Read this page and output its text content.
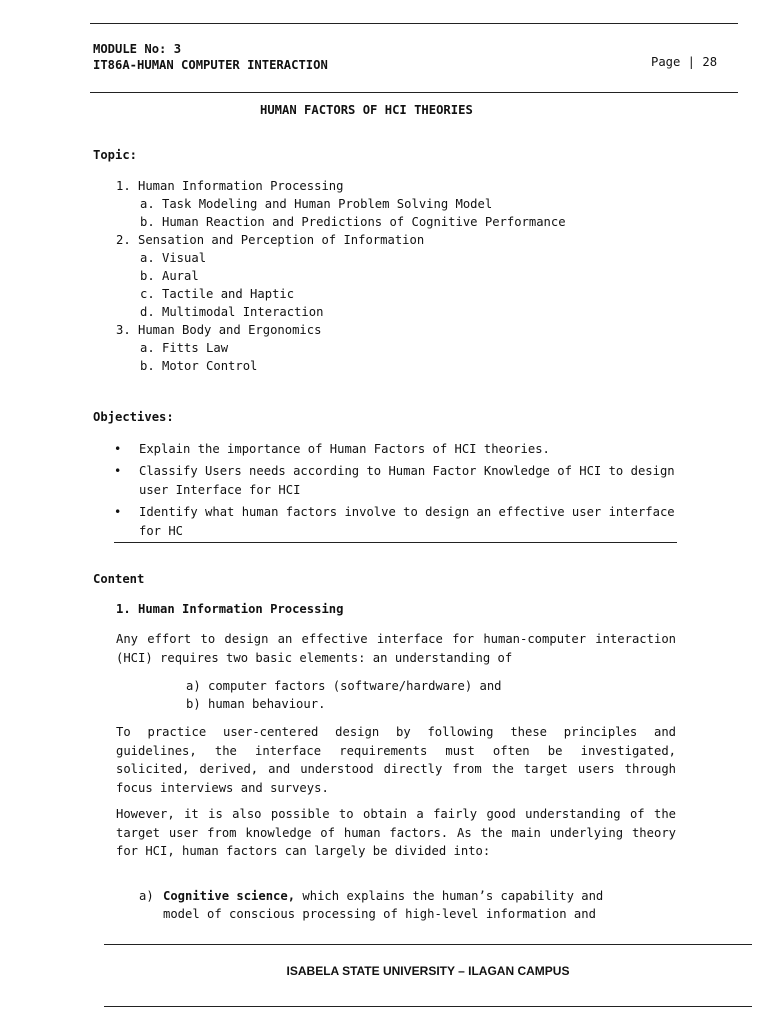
MODULE No: 3
IT86A-HUMAN COMPUTER INTERACTION	Page | 28
HUMAN FACTORS OF HCI THEORIES
Topic:
1. Human Information Processing
a. Task Modeling and Human Problem Solving Model
b. Human Reaction and Predictions of Cognitive Performance
2. Sensation and Perception of Information
a. Visual
b. Aural
c. Tactile and Haptic
d. Multimodal Interaction
3. Human Body and Ergonomics
a. Fitts Law
b. Motor Control
Objectives:
• Explain the importance of Human Factors of HCI theories.
• Classify Users needs according to Human Factor Knowledge of HCI to design user Interface for HCI
• Identify what human factors involve to design an effective user interface for HC
Content
1. Human Information Processing
Any effort to design an effective interface for human-computer interaction (HCI) requires two basic elements: an understanding of
a) computer factors (software/hardware) and
b) human behaviour.
To practice user-centered design by following these principles and guidelines, the interface requirements must often be investigated, solicited, derived, and understood directly from the target users through focus interviews and surveys.
However, it is also possible to obtain a fairly good understanding of the target user from knowledge of human factors. As the main underlying theory for HCI, human factors can largely be divided into:
a) Cognitive science, which explains the human’s capability and
model of conscious processing of high-level information and
ISABELA STATE UNIVERSITY – ILAGAN CAMPUS
